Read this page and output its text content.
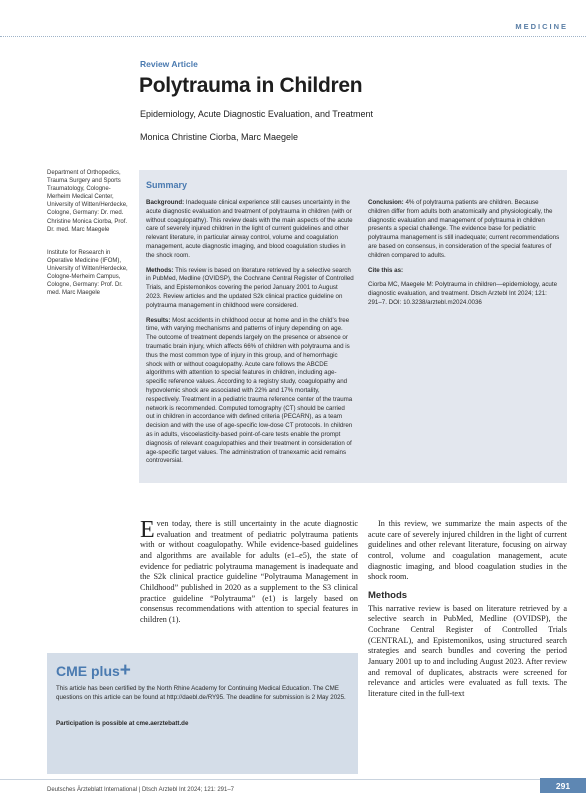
MEDICINE
Review Article
Polytrauma in Children
Epidemiology, Acute Diagnostic Evaluation, and Treatment
Monica Christine Ciorba, Marc Maegele
Department of Orthopedics, Trauma Surgery and Sports Traumatology, Cologne-Merheim Medical Center, University of Witten/Herdecke, Cologne, Germany: Dr. med. Christine Monica Ciorba, Prof. Dr. med. Marc Maegele
Institute for Research in Operative Medicine (IFOM), University of Witten/Herdecke, Cologne-Merheim Campus, Cologne, Germany: Prof. Dr. med. Marc Maegele
Summary

Background: Inadequate clinical experience still causes uncertainty in the acute diagnostic evaluation and treatment of polytrauma in children (with or without coagulopathy). This review deals with the main aspects of the acute care of severely injured children in the light of current guidelines and other relevant literature, in particular airway control, volume and coagulation management, acute diagnostic imaging, and blood coagulation studies in the shock room.

Methods: This review is based on literature retrieved by a selective search in PubMed, Medline (OVIDSP), the Cochrane Central Register of Controlled Trials, and Epistemonikos covering the period January 2001 to August 2023. Review articles and the updated S2k clinical practice guideline on polytrauma management in childhood were considered.

Results: Most accidents in childhood occur at home and in the child’s free time, with varying mechanisms and patterns of injury depending on age. The outcome of treatment depends largely on the presence or absence or traumatic brain injury, which affects 66% of children with polytrauma and is thus the most common type of injury in this group, and of hemorrhagic shock with or without coagulopathy. Acute care follows the ABCDE algorithms with attention to special features in children, including age-specific reference values. According to a registry study, coagulopathy and hypovolemic shock are associated with 22% and 17% mortality, respectively. Treatment in a pediatric trauma reference center of the trauma network is recommended. Computed tomography (CT) should be carried out in children in accordance with defined criteria (PECARN), as a team decision and with the use of age-specific low-dose CT protocols. In children as in adults, viscoelasticity-based point-of-care tests enable the prompt diagnosis of relevant coagulopathies and their treatment in consideration of age-specific target values. The administration of tranexamic acid remains controversial.

Conclusion: 4% of polytrauma patients are children. Because children differ from adults both anatomically and physiologically, the diagnostic evaluation and management of polytrauma in children presents a special challenge. The evidence base for pediatric polytrauma management is still inadequate; current recommendations are based on consensus, in consideration of the special features of children compared to adults.

Cite this as:

Ciorba MC, Maegele M: Polytrauma in children—epidemiology, acute diagnostic evaluation, and treatment. Dtsch Arztebl Int 2024; 121: 291–7. DOI: 10.3238/arztebl.m2024.0036

Even today, there is still uncertainty in the acute diagnostic evaluation and treatment of pediatric polytrauma patients with or without coagulopathy. While evidence-based guidelines and algorithms are available for adults (e1–e5), the state of evidence for pediatric polytrauma management is inadequate and the S2k clinical practice guideline “Polytrauma Management in Childhood” published in 2020 as a supplement to the S3 clinical practice guideline “Polytrauma” (e1) is largely based on consensus recommendations with attention to special features in children (1).

In this review, we summarize the main aspects of the acute care of severely injured children in the light of current guidelines and other relevant literature, focusing on airway control, volume and coagulation management, acute diagnostic imaging, and blood coagulation studies in the shock room.

Methods

This narrative review is based on literature retrieved by a selective search in PubMed, Medline (OVIDSP), the Cochrane Central Register of Controlled Trials (CENTRAL), and Epistemonikos, using structured search strategies and search bundles and covering the period January 2001 up to and including August 2023. After review and removal of duplicates, abstracts were screened for relevance and articles were evaluated as full texts. The literature cited in the full-text

CME plus+
This article has been certified by the North Rhine Academy for Continuing Medical Education. The CME questions on this article can be found at http://daebl.de/RY95. The deadline for submission is 2 May 2025.
Participation is possible at cme.aerztebatt.de
Deutsches Ärzteblatt International | Dtsch Arztebl Int 2024; 121: 291–7	291
